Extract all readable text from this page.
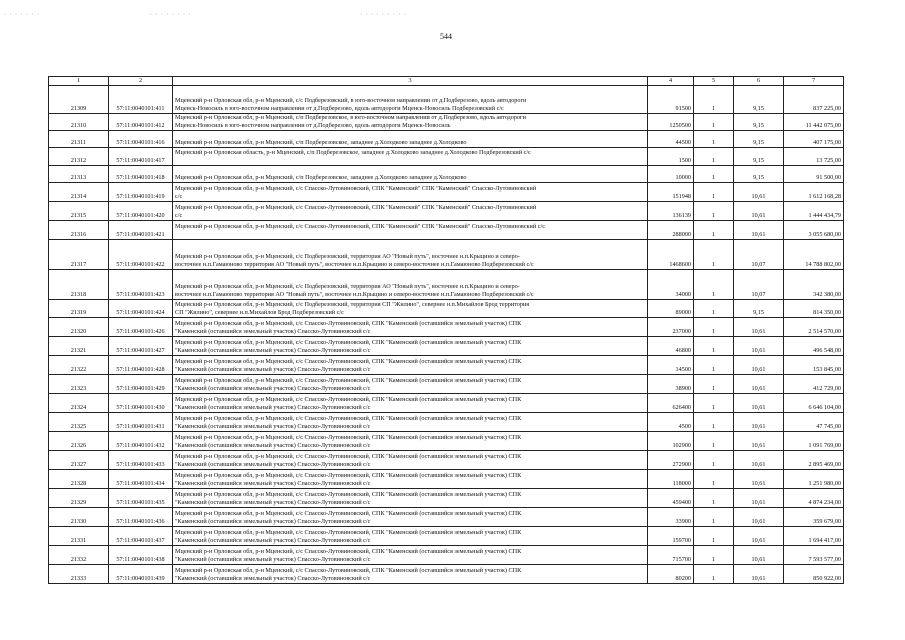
· · · · · · ·	· · · · · · · ·	· · · · · · · · ·
544
1	2	3	4	5	6	7
21309	57:11:0040101:411	Мценский р-н Орловская обл, р-н Мценский, с/с Подберезовский, в юго-восточном направлении от д.Подберезово, вдоль автодороги
Мценск-Новосиль в юго-восточном направлении от д.Подберезово, вдоль автодороги Мценск-Новосиль Подберезовский с/с	91500	1	9,15	837 225,00
21310	57:11:0040101:412	Мценский р-н Орловская обл, р-н Мценский, с/п Подберезовское, в юго-восточном направлении от д.Подберезово, вдоль автодороги
Мценск-Новосиль в юго-восточном направлении от д.Подберезово, вдоль автодороги Мценск-Новосиль	1250500	1	9,15	11 442 075,00
21311	57:11:0040101:416	Мценский р-н Орловская обл, р-н Мценский, с/п Подберезовское, западнее д.Холодково западнее д.Холодково	44500	1	9,15	407 175,00
21312	57:11:0040101:417	Мценский р-н Орловская область, р-н Мценский, с/п Подберезовское, западнее д.Холодково западнее д.Холодково Подберезовский с/с	1500	1	9,15	13 725,00
21313	57:11:0040101:418	Мценский р-н Орловская обл, р-н Мценский, с/п Подберезовское, западнее д.Холодково западнее д.Холодково	10000	1	9,15	91 500,00
21314	57:11:0040101:419	Мценский р-н Орловская обл, р-н Мценский, с/с Спасско-Лутовиновский, СПК "Каменский" СПК "Каменский" Спасско-Лутовиновский
с/с	151948	1	10,61	1 612 168,28
21315	57:11:0040101:420	Мценский р-н Орловская обл, р-н Мценский, с/с Спасско-Лутовиновский, СПК "Каменский" СПК "Каменский" Спасско-Лутовиновский
с/с	136139	1	10,61	1 444 434,79
21316	57:11:0040101:421	Мценский р-н Орловская обл, р-н Мценский, с/с Спасско-Лутовиновский, СПК "Каменский" СПК "Каменский" Спасско-Лутовиновский с/с	288000	1	10,61	3 055 680,00
21317	57:11:0040101:422	Мценский р-н Орловская обл, р-н Мценский, с/с Подберезовский, территория АО "Новый путь", восточнее н.п.Крыцино и северо-
восточнее н.п.Гамаюново территория АО "Новый путь", восточнее н.п.Крыцино и северо-восточнее н.п.Гамаюново Подберезовский с/с	1468600	1	10,07	14 788 802,00
21318	57:11:0040101:423	Мценский р-н Орловская обл, р-н Мценский, с/с Подберезовский, территория АО "Новый путь", восточнее н.п.Крыцино и северо-
восточнее н.п.Гамаюново территория АО "Новый путь", восточнее н.п.Крыцино и северо-восточнее н.п.Гамаюново Подберезовский с/с	34000	1	10,07	342 380,00
21319	57:11:0040101:424	Мценский р-н Орловская обл, р-н Мценский, с/с Подберезовский, территория СП "Жилино", севернее н.п.Михайлов Брод территория
СП "Жилино", севернее н.п.Михайлов Брод Подберезовский с/с	89000	1	9,15	814 350,00
21320	57:11:0040101:426	Мценский р-н Орловская обл, р-н Мценский, с/с Спасско-Лутовиновский, СПК "Каменский (оставшийся земельный участок) СПК
"Каменский (оставшийся земельный участок) Спасско-Лутовиновский с/с	237000	1	10,61	2 514 570,00
21321	57:11:0040101:427	Мценский р-н Орловская обл, р-н Мценский, с/с Спасско-Лутовиновский, СПК "Каменский (оставшийся земельный участок) СПК
"Каменский (оставшийся земельный участок) Спасско-Лутовиновский с/с	46800	1	10,61	496 548,00
21322	57:11:0040101:428	Мценский р-н Орловская обл, р-н Мценский, с/с Спасско-Лутовиновский, СПК "Каменский (оставшийся земельный участок) СПК
"Каменский (оставшийся земельный участок) Спасско-Лутовиновский с/с	14500	1	10,61	153 845,00
21323	57:11:0040101:429	Мценский р-н Орловская обл, р-н Мценский, с/с Спасско-Лутовиновский, СПК "Каменский (оставшийся земельный участок) СПК
"Каменский (оставшийся земельный участок) Спасско-Лутовиновский с/с	38900	1	10,61	412 729,00
21324	57:11:0040101:430	Мценский р-н Орловская обл, р-н Мценский, с/с Спасско-Лутовиновский, СПК "Каменский (оставшийся земельный участок) СПК
"Каменский (оставшийся земельный участок) Спасско-Лутовиновский с/с	626400	1	10,61	6 646 104,00
21325	57:11:0040101:431	Мценский р-н Орловская обл, р-н Мценский, с/с Спасско-Лутовиновский, СПК "Каменский (оставшийся земельный участок) СПК
"Каменский (оставшийся земельный участок) Спасско-Лутовиновский с/с	4500	1	10,61	47 745,00
21326	57:11:0040101:432	Мценский р-н Орловская обл, р-н Мценский, с/с Спасско-Лутовиновский, СПК "Каменский (оставшийся земельный участок) СПК
"Каменский (оставшийся земельный участок) Спасско-Лутовиновский с/с	102900	1	10,61	1 091 769,00
21327	57:11:0040101:433	Мценский р-н Орловская обл, р-н Мценский, с/с Спасско-Лутовиновский, СПК "Каменский (оставшийся земельный участок) СПК
"Каменский (оставшийся земельный участок) Спасско-Лутовиновский с/с	272900	1	10,61	2 895 469,00
21328	57:11:0040101:434	Мценский р-н Орловская обл, р-н Мценский, с/с Спасско-Лутовиновский, СПК "Каменский (оставшийся земельный участок) СПК
"Каменский (оставшийся земельный участок) Спасско-Лутовиновский с/с	118000	1	10,61	1 251 980,00
21329	57:11:0040101:435	Мценский р-н Орловская обл, р-н Мценский, с/с Спасско-Лутовиновский, СПК "Каменский (оставшийся земельный участок) СПК
"Каменский (оставшийся земельный участок) Спасско-Лутовиновский с/с	459400	1	10,61	4 874 234,00
21330	57:11:0040101:436	Мценский р-н Орловская обл, р-н Мценский, с/с Спасско-Лутовиновский, СПК "Каменский (оставшийся земельный участок) СПК
"Каменский (оставшийся земельный участок) Спасско-Лутовиновский с/с	33900	1	10,61	359 679,00
21331	57:11:0040101:437	Мценский р-н Орловская обл, р-н Мценский, с/с Спасско-Лутовиновский, СПК "Каменский (оставшийся земельный участок) СПК
"Каменский (оставшийся земельный участок) Спасско-Лутовиновский с/с	159700	1	10,61	1 694 417,00
21332	57:11:0040101:438	Мценский р-н Орловская обл, р-н Мценский, с/с Спасско-Лутовиновский, СПК "Каменский (оставшийся земельный участок) СПК
"Каменский (оставшийся земельный участок) Спасско-Лутовиновский с/с	715700	1	10,61	7 593 577,00
21333	57:11:0040101:439	Мценский р-н Орловская обл, р-н Мценский, с/с Спасско-Лутовиновский, СПК "Каменский (оставшийся земельный участок) СПК
"Каменский (оставшийся земельный участок) Спасско-Лутовиновский с/с	80200	1	10,61	850 922,00
